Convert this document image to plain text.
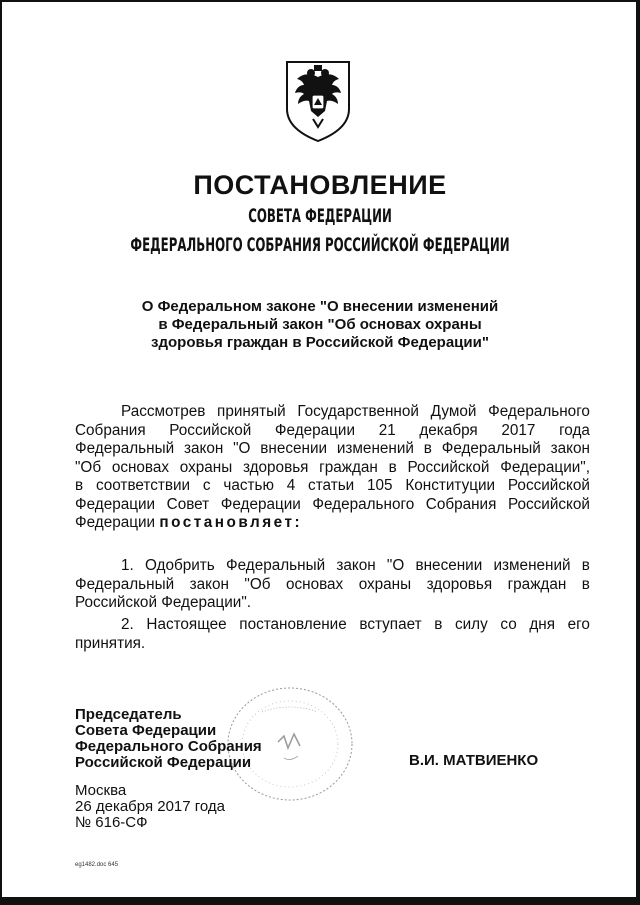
ПОСТАНОВЛЕНИЕ
СОВЕТА ФЕДЕРАЦИИ
ФЕДЕРАЛЬНОГО СОБРАНИЯ РОССИЙСКОЙ ФЕДЕРАЦИИ
О Федеральном законе "О внесении изменений
в Федеральный закон "Об основах охраны
здоровья граждан в Российской Федерации"
Рассмотрев принятый Государственной Думой Федерального
Собрания Российской Федерации 21 декабря 2017 года
Федеральный закон "О внесении изменений в Федеральный закон
"Об основах охраны здоровья граждан в Российской Федерации",
в соответствии с частью 4 статьи 105 Конституции Российской
Федерации Совет Федерации Федерального Собрания Российской
Федерации
постановляет:
1. Одобрить Федеральный закон "О внесении изменений в
Федеральный закон "Об основах охраны здоровья граждан в
Российской Федерации".
2. Настоящее постановление вступает в силу со дня его
принятия.
Председатель
Совета Федерации
Федерального Собрания
Российской Федерации	В.И. МАТВИЕНКО
Москва
26 декабря 2017 года
№ 616-СФ
eg1482.doc 645
